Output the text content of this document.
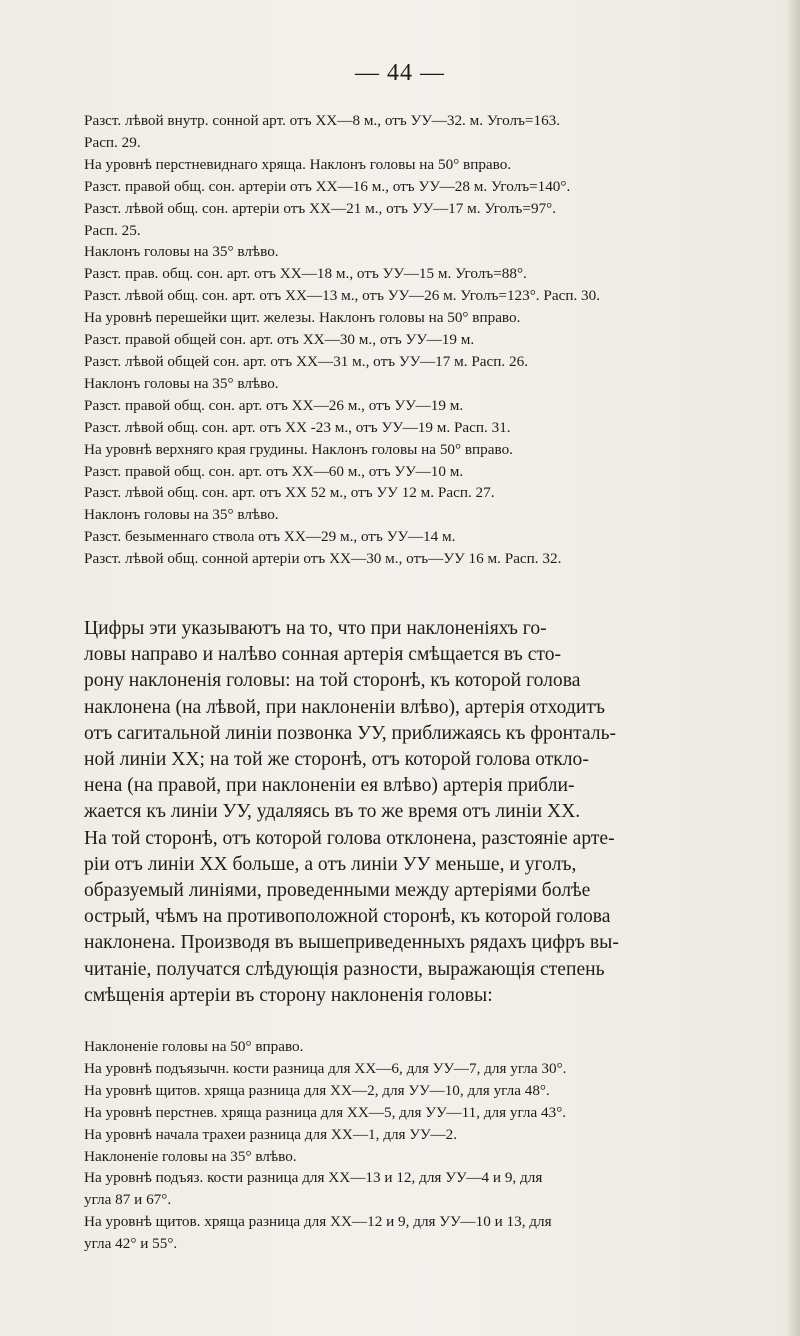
— 44 —
Разст. лѣвой внутр. сонной арт. отъ XX—8 м., отъ УУ—32. м. Уголъ=163.
Расп. 29.
На уровнѣ перстневиднаго хряща. Наклонъ головы на 50° вправо.
Разст. правой общ. сон. артеріи отъ XX—16 м., отъ УУ—28 м. Уголъ=140°.
Разст. лѣвой общ. сон. артеріи отъ XX—21 м., отъ УУ—17 м. Уголъ=97°.
Расп. 25.
Наклонъ головы на 35° влѣво.
Разст. прав. общ. сон. арт. отъ XX—18 м., отъ УУ—15 м. Уголъ=88°.
Разст. лѣвой общ. сон. арт. отъ XX—13 м., отъ УУ—26 м. Уголъ=123°. Расп. 30.
На уровнѣ перешейки щит. железы. Наклонъ головы на 50° вправо.
Разст. правой общей сон. арт. отъ XX—30 м., отъ УУ—19 м.
Разст. лѣвой общей сон. арт. отъ XX—31 м., отъ УУ—17 м. Расп. 26.
Наклонъ головы на 35° влѣво.
Разст. правой общ. сон. арт. отъ XX—26 м., отъ УУ—19 м.
Разст. лѣвой общ. сон. арт. отъ XX -23 м., отъ УУ—19 м. Расп. 31.
На уровнѣ верхняго края грудины. Наклонъ головы на 50° вправо.
Разст. правой общ. сон. арт. отъ XX—60 м., отъ УУ—10 м.
Разст. лѣвой общ. сон. арт. отъ XX 52 м., отъ УУ 12 м. Расп. 27.
Наклонъ головы на 35° влѣво.
Разст. безыменнаго ствола отъ XX—29 м., отъ УУ—14 м.
Разст. лѣвой общ. сонной артеріи отъ XX—30 м., отъ—УУ 16 м. Расп. 32.
Цифры эти указываютъ на то, что при наклоненіяхъ го-
ловы направо и налѣво сонная артерія смѣщается въ сто-
рону наклоненія головы: на той сторонѣ, къ которой голова
наклонена (на лѣвой, при наклоненіи влѣво), артерія отходитъ
отъ сагитальной линіи позвонка УУ, приближаясь къ фронталь-
ной линіи XX; на той же сторонѣ, отъ которой голова откло-
нена (на правой, при наклоненіи ея влѣво) артерія прибли-
жается къ линіи УУ, удаляясь въ то же время отъ линіи XX.
На той сторонѣ, отъ которой голова отклонена, разстояніе арте-
ріи отъ линіи XX больше, а отъ линіи УУ меньше, и уголъ,
образуемый линіями, проведенными между артеріями болѣе
острый, чѣмъ на противоположной сторонѣ, къ которой голова
наклонена. Производя въ вышеприведенныхъ рядахъ цифръ вы-
читаніе, получатся слѣдующія разности, выражающія степень
смѣщенія артеріи въ сторону наклоненія головы:
Наклоненіе головы на 50° вправо.
На уровнѣ подъязычн. кости разница для XX—6, для УУ—7, для угла 30°.
На уровнѣ щитов. хряща разница для XX—2, для УУ—10, для угла 48°.
На уровнѣ перстнев. хряща разница для XX—5, для УУ—11, для угла 43°.
На уровнѣ начала трахеи разница для XX—1, для УУ—2.
Наклоненіе головы на 35° влѣво.
На уровнѣ подъяз. кости разница для XX—13 и 12, для УУ—4 и 9, для
угла 87 и 67°.
На уровнѣ щитов. хряща разница для XX—12 и 9, для УУ—10 и 13, для
угла 42° и 55°.
